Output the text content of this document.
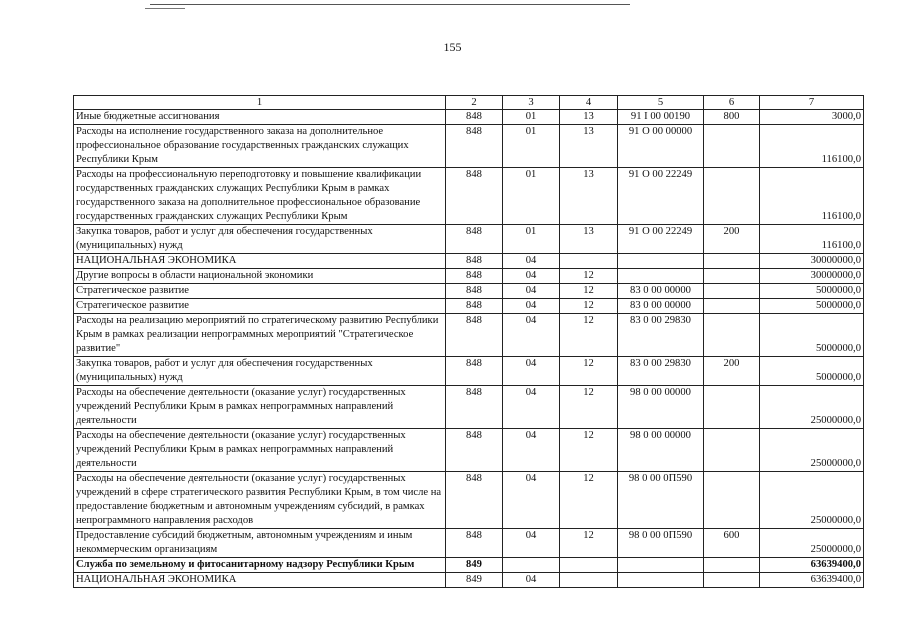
155
1	2	3	4	5	6	7
Иные бюджетные ассигнования	848	01	13	91 I 00 00190	800	3000,0
Расходы на исполнение государственного заказа на дополнительное профессиональное образование государственных гражданских служащих Республики Крым	848	01	13	91 О 00 00000		116100,0
Расходы на профессиональную переподготовку и повышение квалификации государственных гражданских служащих Республики Крым в рамках государственного заказа на дополнительное профессиональное образование государственных гражданских служащих Республики Крым	848	01	13	91 О 00 22249		116100,0
Закупка товаров, работ и услуг для обеспечения государственных (муниципальных) нужд	848	01	13	91 О 00 22249	200	116100,0
НАЦИОНАЛЬНАЯ ЭКОНОМИКА	848	04				30000000,0
Другие вопросы в области национальной экономики	848	04	12			30000000,0
Стратегическое развитие	848	04	12	83 0 00 00000		5000000,0
Стратегическое развитие	848	04	12	83 0 00 00000		5000000,0
Расходы на реализацию мероприятий по стратегическому развитию Республики Крым в рамках реализации непрограммных мероприятий "Стратегическое развитие"	848	04	12	83 0 00 29830		5000000,0
Закупка товаров, работ и услуг для обеспечения государственных (муниципальных) нужд	848	04	12	83 0 00 29830	200	5000000,0
Расходы на обеспечение деятельности (оказание услуг) государственных учреждений Республики Крым в рамках непрограммных направлений деятельности	848	04	12	98 0 00 00000		25000000,0
Расходы на обеспечение деятельности (оказание услуг) государственных учреждений Республики Крым в рамках непрограммных направлений деятельности	848	04	12	98 0 00 00000		25000000,0
Расходы на обеспечение деятельности (оказание услуг) государственных учреждений в сфере стратегического развития Республики Крым, в том числе на предоставление бюджетным и автономным учреждениям субсидий, в рамках непрограммного направления расходов	848	04	12	98 0 00 0П590		25000000,0
Предоставление субсидий бюджетным, автономным учреждениям и иным некоммерческим организациям	848	04	12	98 0 00 0П590	600	25000000,0
Служба по земельному и фитосанитарному надзору Республики Крым	849					63639400,0
НАЦИОНАЛЬНАЯ ЭКОНОМИКА	849	04				63639400,0
